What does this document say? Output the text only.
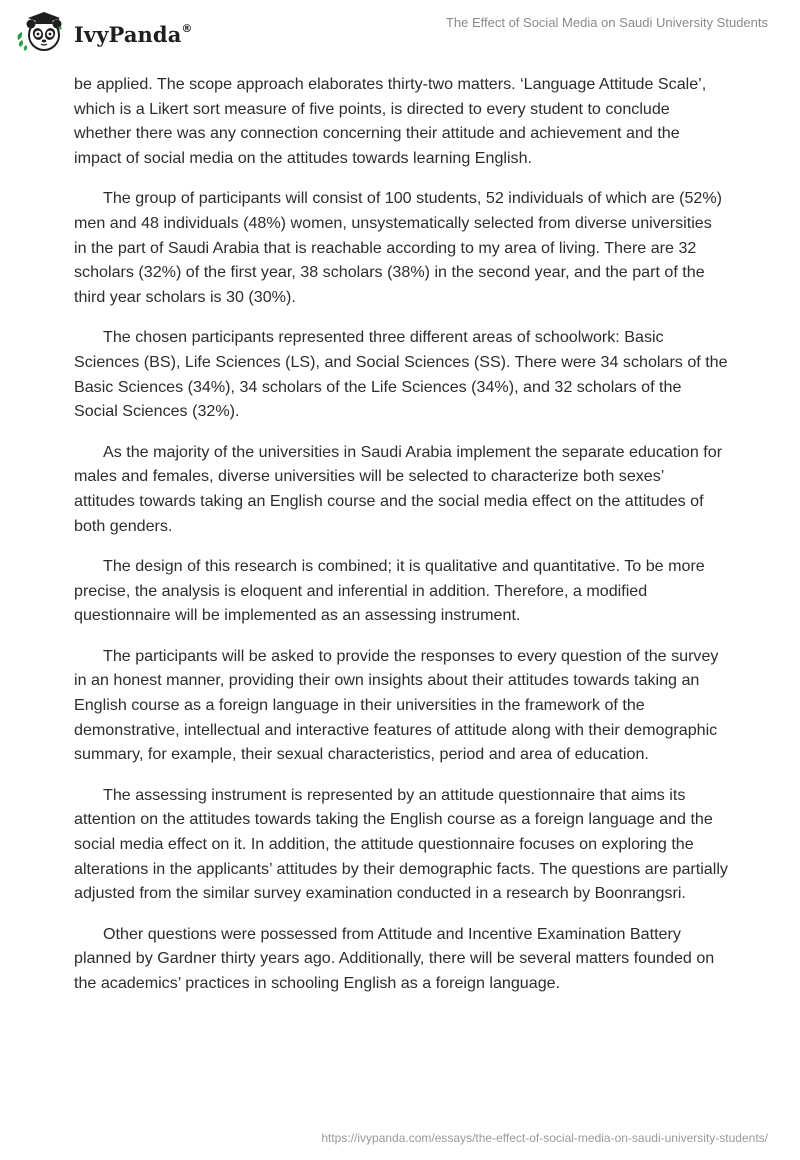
IvyPanda®	The Effect of Social Media on Saudi University Students

be applied. The scope approach elaborates thirty-two matters. ‘Language Attitude Scale’, which is a Likert sort measure of five points, is directed to every student to conclude whether there was any connection concerning their attitude and achievement and the impact of social media on the attitudes towards learning English.

The group of participants will consist of 100 students, 52 individuals of which are (52%) men and 48 individuals (48%) women, unsystematically selected from diverse universities in the part of Saudi Arabia that is reachable according to my area of living. There are 32 scholars (32%) of the first year, 38 scholars (38%) in the second year, and the part of the third year scholars is 30 (30%).

The chosen participants represented three different areas of schoolwork: Basic Sciences (BS), Life Sciences (LS), and Social Sciences (SS). There were 34 scholars of the Basic Sciences (34%), 34 scholars of the Life Sciences (34%), and 32 scholars of the Social Sciences (32%).

As the majority of the universities in Saudi Arabia implement the separate education for males and females, diverse universities will be selected to characterize both sexes’ attitudes towards taking an English course and the social media effect on the attitudes of both genders.

The design of this research is combined; it is qualitative and quantitative. To be more precise, the analysis is eloquent and inferential in addition. Therefore, a modified questionnaire will be implemented as an assessing instrument.

The participants will be asked to provide the responses to every question of the survey in an honest manner, providing their own insights about their attitudes towards taking an English course as a foreign language in their universities in the framework of the demonstrative, intellectual and interactive features of attitude along with their demographic summary, for example, their sexual characteristics, period and area of education.

The assessing instrument is represented by an attitude questionnaire that aims its attention on the attitudes towards taking the English course as a foreign language and the social media effect on it. In addition, the attitude questionnaire focuses on exploring the alterations in the applicants’ attitudes by their demographic facts. The questions are partially adjusted from the similar survey examination conducted in a research by Boonrangsri.

Other questions were possessed from Attitude and Incentive Examination Battery planned by Gardner thirty years ago. Additionally, there will be several matters founded on the academics’ practices in schooling English as a foreign language.

https://ivypanda.com/essays/the-effect-of-social-media-on-saudi-university-students/
